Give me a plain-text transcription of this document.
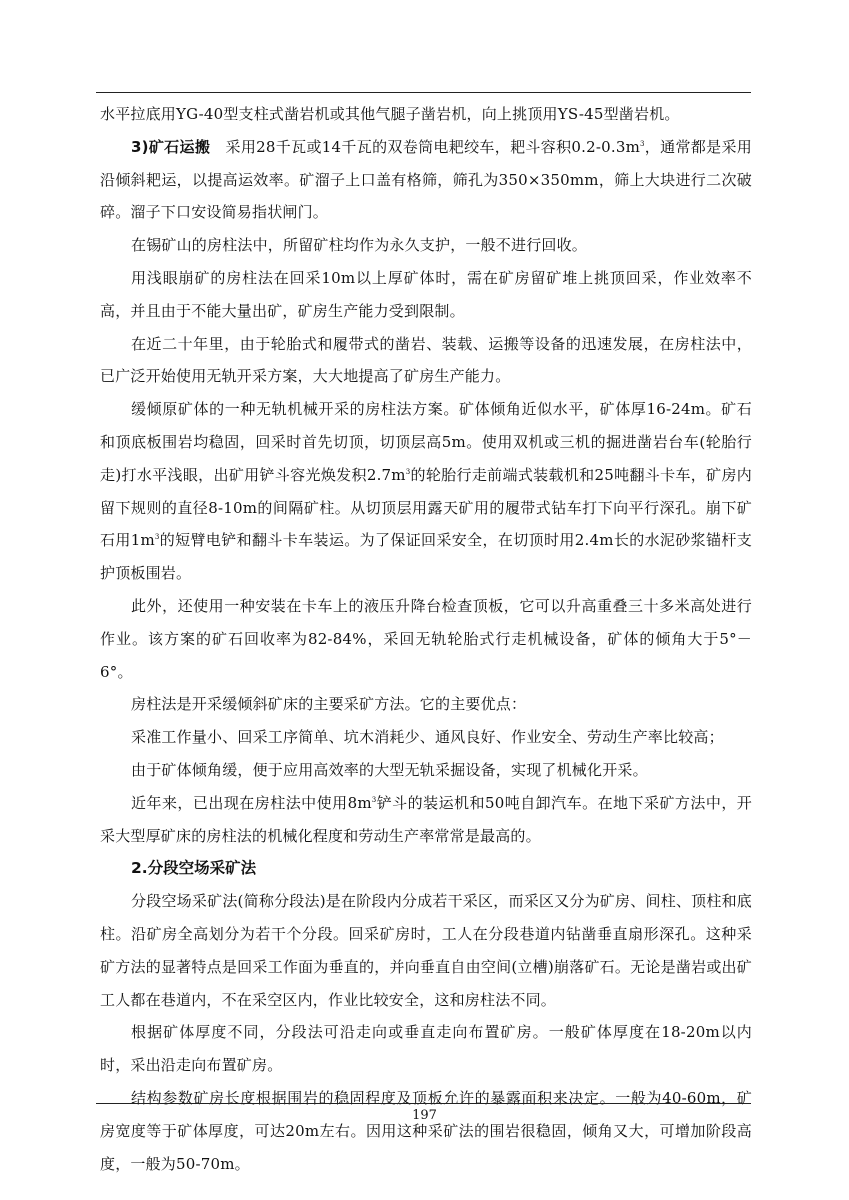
水平拉底用YG-40型支柱式凿岩机或其他气腿子凿岩机，向上挑顶用YS-45型凿岩机。

3)矿石运搬　采用28千瓦或14千瓦的双卷筒电耙绞车，耙斗容积$0.2-0.3m^3$，通常都是采用沿倾斜耙运，以提高运效率。矿溜子上口盖有格筛，筛孔为350×350mm，筛上大块进行二次破碎。溜子下口安设简易指状闸门。

在锡矿山的房柱法中，所留矿柱均作为永久支护，一般不进行回收。

用浅眼崩矿的房柱法在回采10m以上厚矿体时，需在矿房留矿堆上挑顶回采，作业效率不高，并且由于不能大量出矿，矿房生产能力受到限制。

在近二十年里，由于轮胎式和履带式的凿岩、装载、运搬等设备的迅速发展，在房柱法中，已广泛开始使用无轨开采方案，大大地提高了矿房生产能力。

缓倾原矿体的一种无轨机械开采的房柱法方案。矿体倾角近似水平，矿体厚16-24m。矿石和顶底板围岩均稳固，回采时首先切顶，切顶层高5m。使用双机或三机的掘进凿岩台车(轮胎行走)打水平浅眼，出矿用铲斗容光焕发积$2.7m^3$的轮胎行走前端式装载机和25吨翻斗卡车，矿房内留下规则的直径8-10m的间隔矿柱。从切顶层用露天矿用的履带式钻车打下向平行深孔。崩下矿石用$1m^3$的短臂电铲和翻斗卡车装运。为了保证回采安全，在切顶时用2.4m长的水泥砂浆锚杆支护顶板围岩。

此外，还使用一种安装在卡车上的液压升降台检查顶板，它可以升高重叠三十多米高处进行作业。该方案的矿石回收率为82-84%，采回无轨轮胎式行走机械设备，矿体的倾角大于5°－6°。

房柱法是开采缓倾斜矿床的主要采矿方法。它的主要优点：

采准工作量小、回采工序简单、坑木消耗少、通风良好、作业安全、劳动生产率比较高；

由于矿体倾角缓，便于应用高效率的大型无轨采掘设备，实现了机械化开采。

近年来，已出现在房柱法中使用$8m^3$铲斗的装运机和50吨自卸汽车。在地下采矿方法中，开采大型厚矿床的房柱法的机械化程度和劳动生产率常常是最高的。

2.分段空场采矿法

分段空场采矿法(简称分段法)是在阶段内分成若干采区，而采区又分为矿房、间柱、顶柱和底柱。沿矿房全高划分为若干个分段。回采矿房时，工人在分段巷道内钻凿垂直扇形深孔。这种采矿方法的显著特点是回采工作面为垂直的，并向垂直自由空间(立槽)崩落矿石。无论是凿岩或出矿工人都在巷道内，不在采空区内，作业比较安全，这和房柱法不同。

根据矿体厚度不同，分段法可沿走向或垂直走向布置矿房。一般矿体厚度在18-20m以内时，采出沿走向布置矿房。

结构参数矿房长度根据围岩的稳固程度及顶板允许的暴露面积来决定。一般为40-60m，矿房宽度等于矿体厚度，可达20m左右。因用这种采矿法的围岩很稳固，倾角又大，可增加阶段高度，一般为50-70m。

197
